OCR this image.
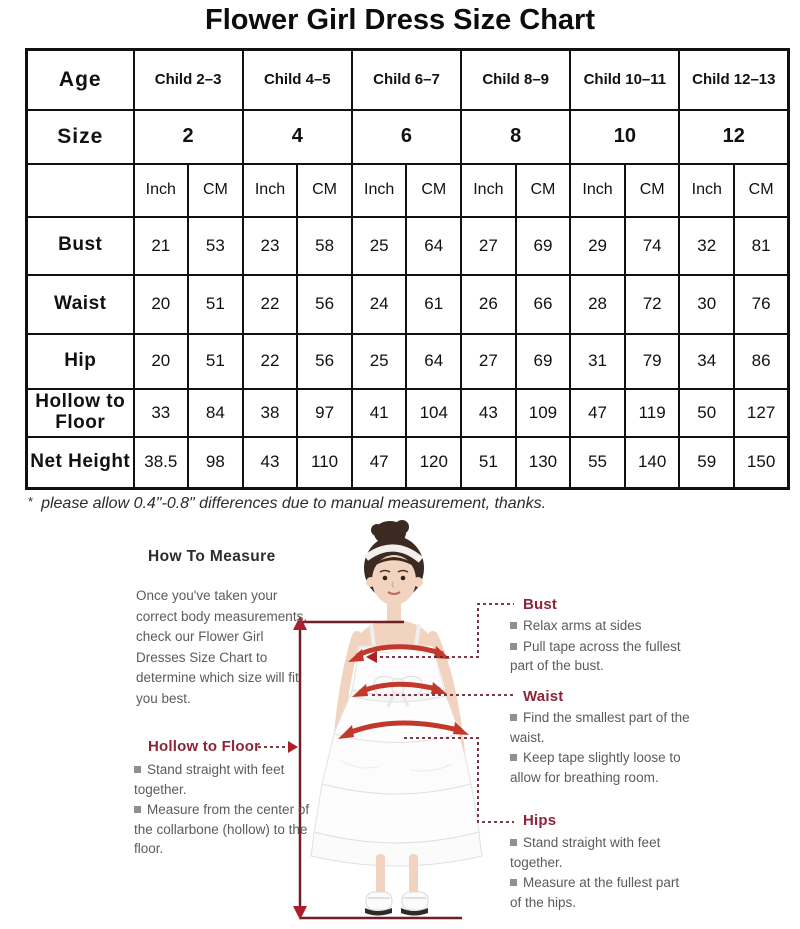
Flower Girl Dress Size Chart
Age	Child 2–3		Child 4–5		Child 6–7		Child 8–9		Child 10–11		Child 12–13	
Size	2		4		6		8		10		12	
	Inch	CM	Inch	CM	Inch	CM	Inch	CM	Inch	CM	Inch	CM
Bust	21	53	23	58	25	64	27	69	29	74	32	81
Waist	20	51	22	56	24	61	26	66	28	72	30	76
Hip	20	51	22	56	25	64	27	69	31	79	34	86
Hollow to Floor	33	84	38	97	41	104	43	109	47	119	50	127
Net Height	38.5	98	43	110	47	120	51	130	55	140	59	150
* please allow 0.4"-0.8" differences due to manual measurement, thanks.
How To Measure
Once you've taken your correct body measurements, check our Flower Girl Dresses Size Chart to determine which size will fit you best.
Hollow to Floor
Stand straight with feet together.
Measure from the center of the collarbone (hollow) to the floor.
Bust
Relax arms at sides
Pull tape across the fullest part of the bust.
Waist
Find the smallest part of the waist.
Keep tape slightly loose to allow for breathing room.
Hips
Stand straight with feet together.
Measure at the fullest part of the hips.
